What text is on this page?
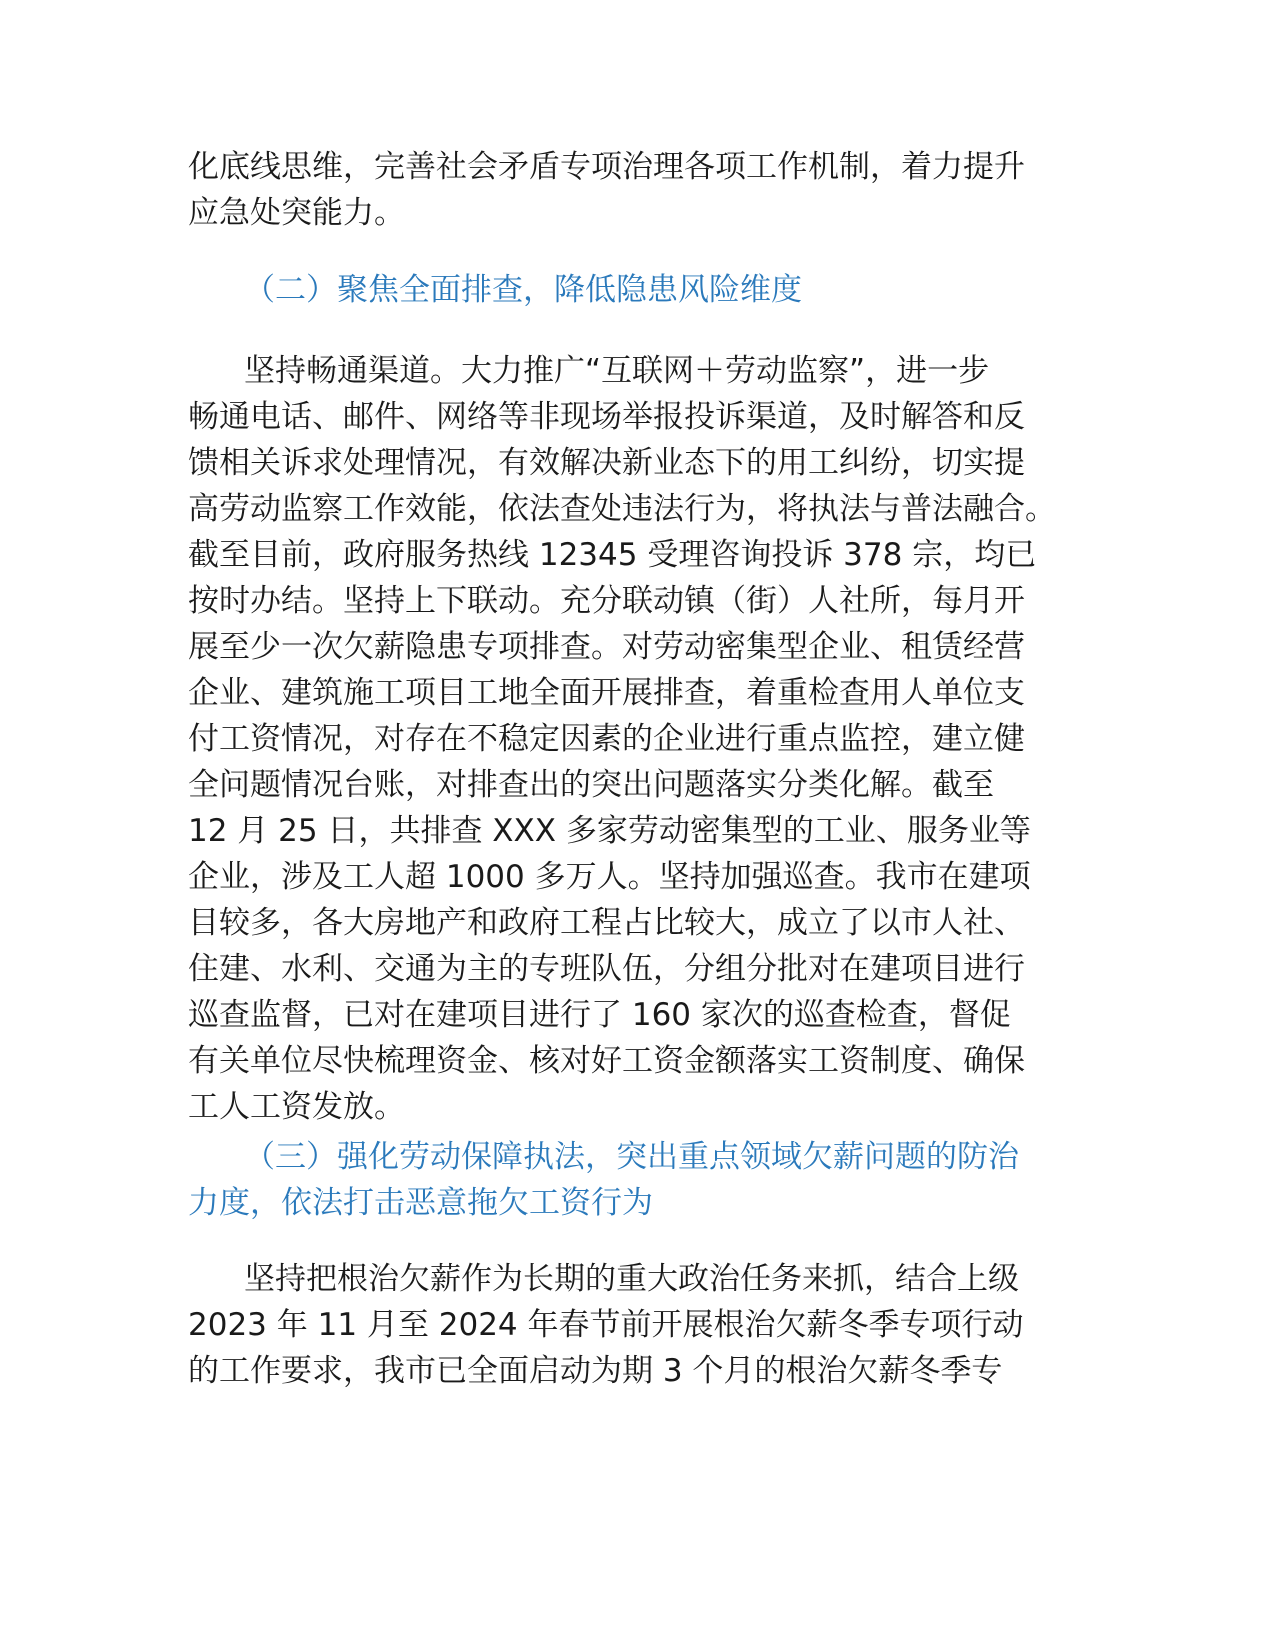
化底线思维，完善社会矛盾专项治理各项工作机制，着力提升
应急处突能力。
（二）聚焦全面排查，降低隐患风险维度
坚持畅通渠道。大力推广“互联网＋劳动监察”，进一步
畅通电话、邮件、网络等非现场举报投诉渠道，及时解答和反
馈相关诉求处理情况，有效解决新业态下的用工纠纷，切实提
高劳动监察工作效能，依法查处违法行为，将执法与普法融合。
截至目前，政府服务热线 12345 受理咨询投诉 378 宗，均已
按时办结。坚持上下联动。充分联动镇（街）人社所，每月开
展至少一次欠薪隐患专项排查。对劳动密集型企业、租赁经营
企业、建筑施工项目工地全面开展排查，着重检查用人单位支
付工资情况，对存在不稳定因素的企业进行重点监控，建立健
全问题情况台账，对排查出的突出问题落实分类化解。截至
12 月 25 日，共排查 XXX 多家劳动密集型的工业、服务业等
企业，涉及工人超 1000 多万人。坚持加强巡查。我市在建项
目较多，各大房地产和政府工程占比较大，成立了以市人社、
住建、水利、交通为主的专班队伍，分组分批对在建项目进行
巡查监督，已对在建项目进行了 160 家次的巡查检查，督促
有关单位尽快梳理资金、核对好工资金额落实工资制度、确保
工人工资发放。
（三）强化劳动保障执法，突出重点领域欠薪问题的防治
力度，依法打击恶意拖欠工资行为
坚持把根治欠薪作为长期的重大政治任务来抓，结合上级
2023 年 11 月至 2024 年春节前开展根治欠薪冬季专项行动
的工作要求，我市已全面启动为期 3 个月的根治欠薪冬季专
